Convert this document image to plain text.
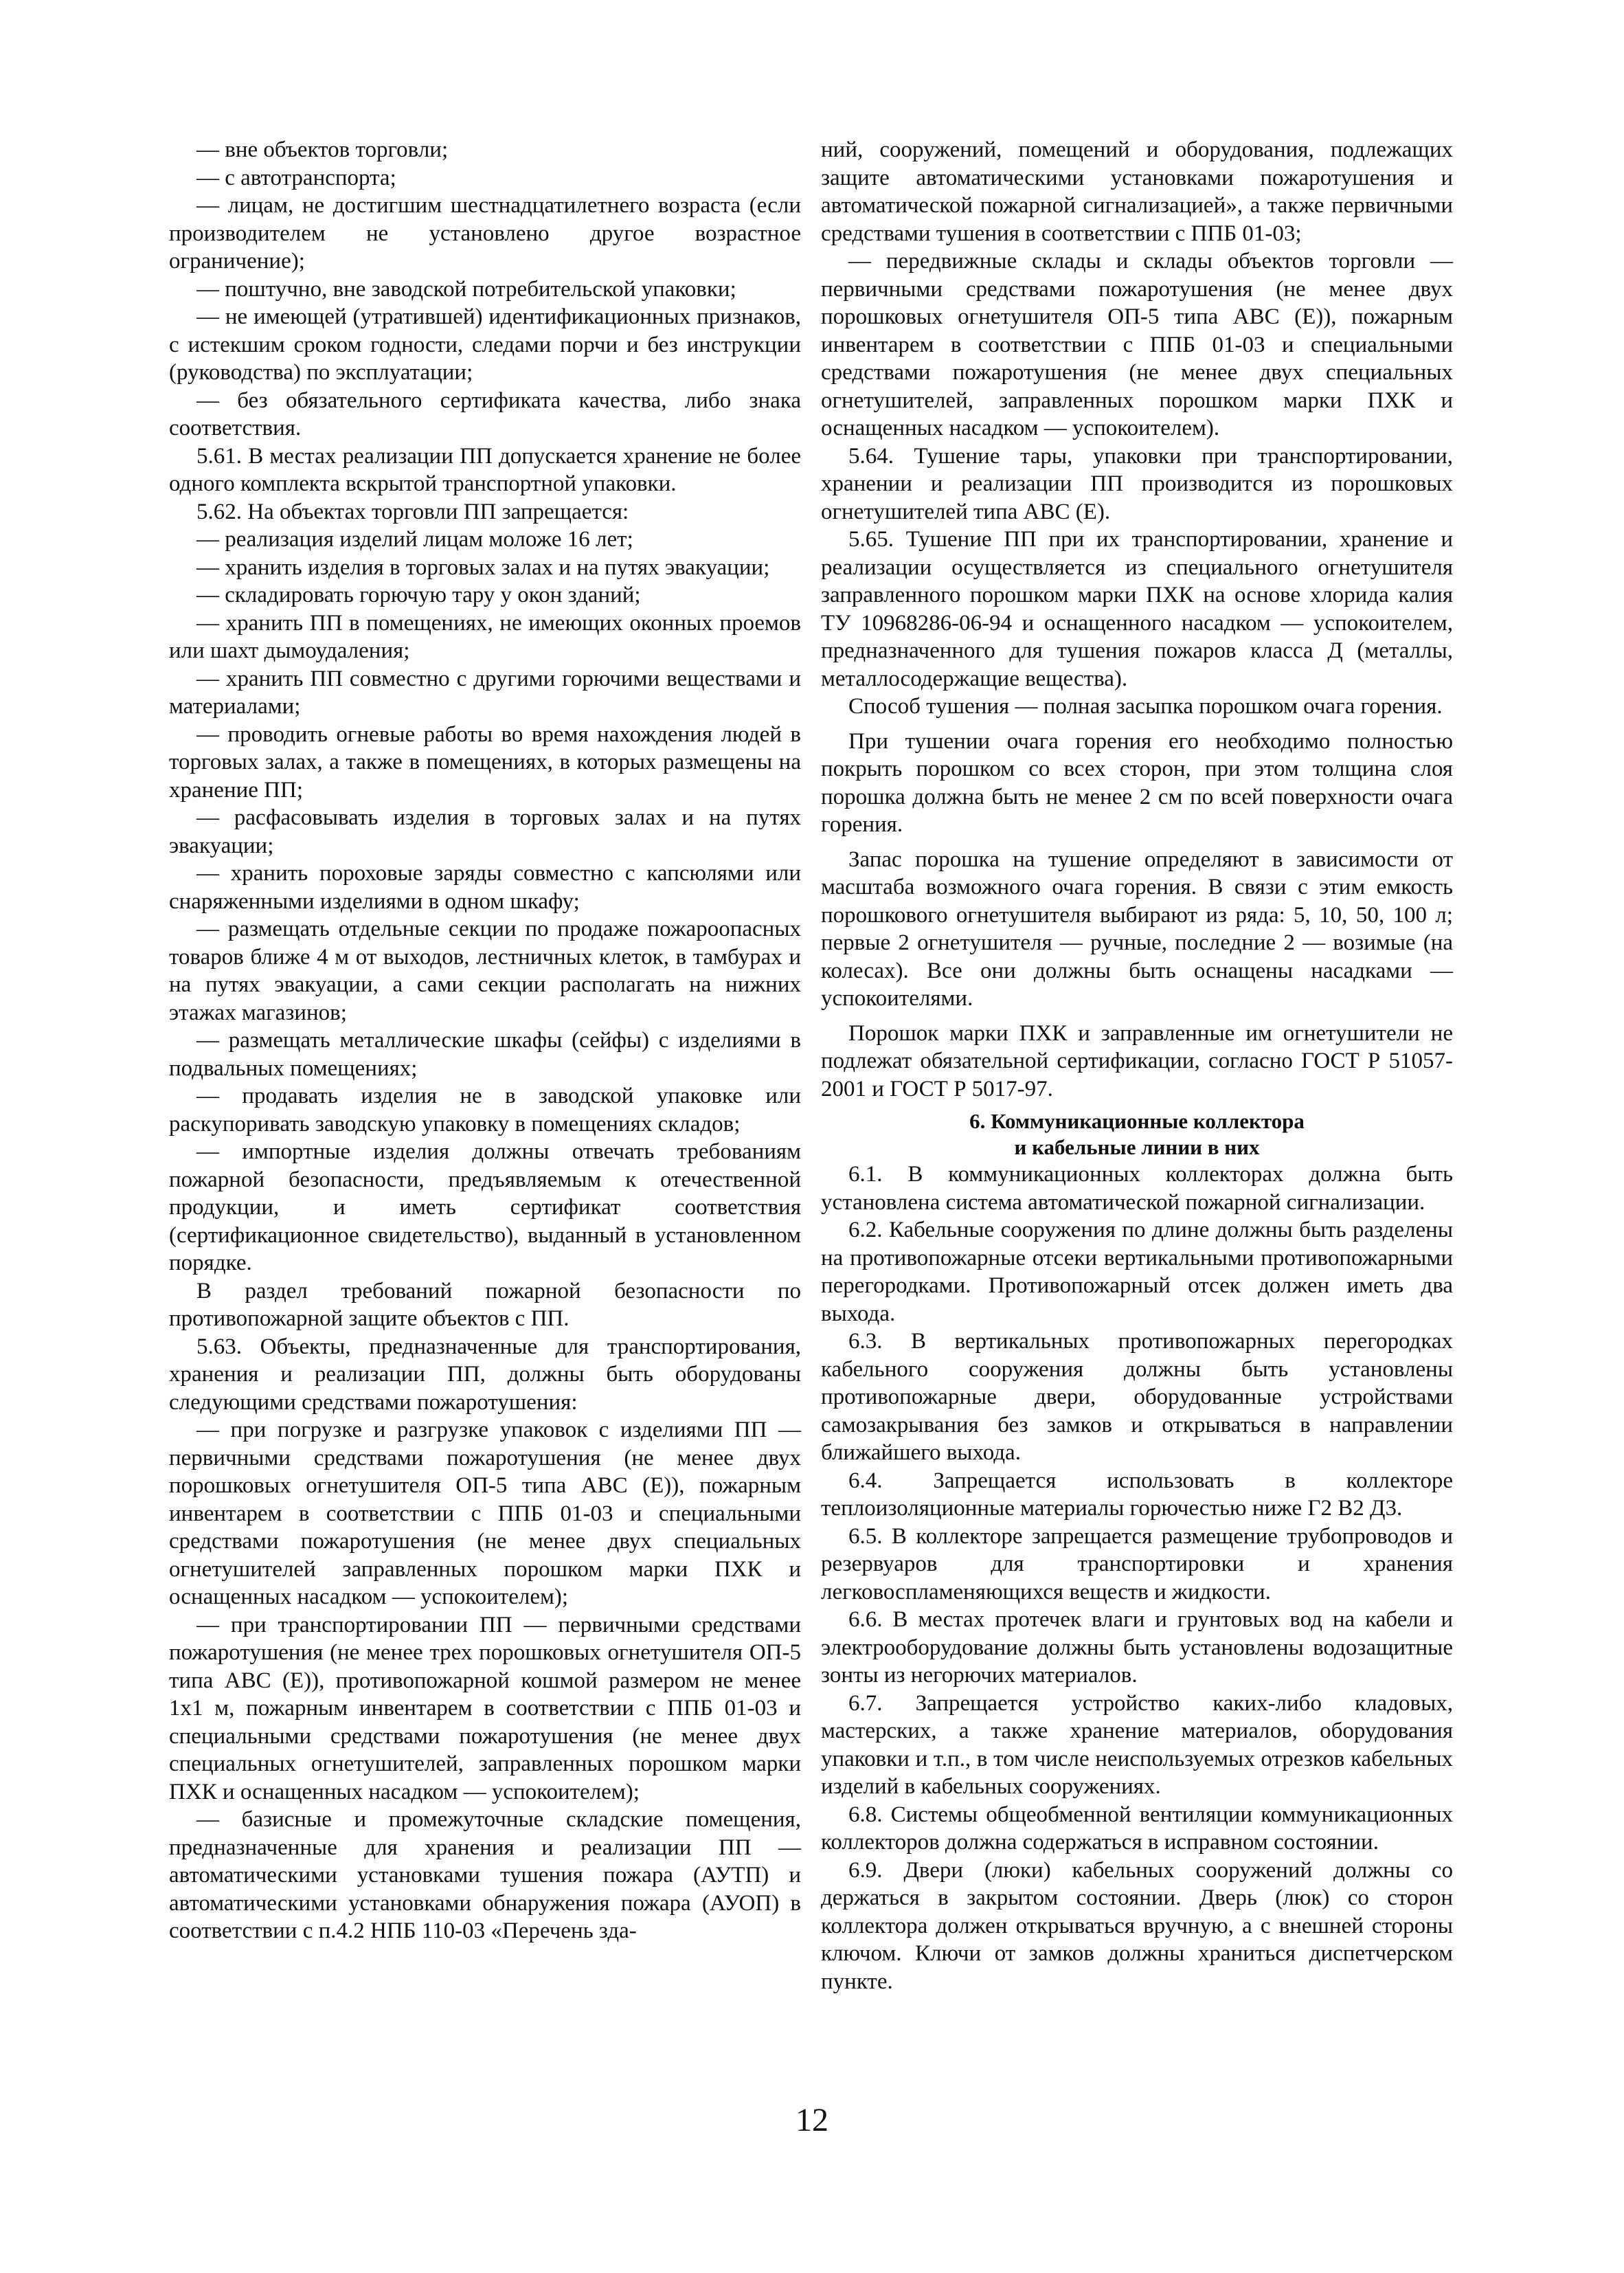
— вне объектов торговли;

— с автотранспорта;

— лицам, не достигшим шестнадцатилетнего возраста (если производителем не установлено другое возрастное ограничение);

— поштучно, вне заводской потребительской упаковки;

— не имеющей (утратившей) идентификационных признаков, с истекшим сроком годности, следами порчи и без инструкции (руководства) по эксплуатации;

— без обязательного сертификата качества, либо знака соответствия.

5.61. В местах реализации ПП допускается хранение не более одного комплекта вскрытой транспортной упаковки.

5.62. На объектах торговли ПП запрещается:

— реализация изделий лицам моложе 16 лет;

— хранить изделия в торговых залах и на путях эвакуации;

— складировать горючую тару у окон зданий;

— хранить ПП в помещениях, не имеющих оконных проемов или шахт дымоудаления;

— хранить ПП совместно с другими горючими веществами и материалами;

— проводить огневые работы во время нахождения людей в торговых залах, а также в помещениях, в которых размещены на хранение ПП;

— расфасовывать изделия в торговых залах и на путях эвакуации;

— хранить пороховые заряды совместно с капсюлями или снаряженными изделиями в одном шкафу;

— размещать отдельные секции по продаже пожароопасных товаров ближе 4 м от выходов, лестничных клеток, в тамбурах и на путях эвакуации, а сами секции располагать на нижних этажах магазинов;

— размещать металлические шкафы (сейфы) с изделиями в подвальных помещениях;

— продавать изделия не в заводской упаковке или раскупоривать заводскую упаковку в помещениях складов;

— импортные изделия должны отвечать требованиям пожарной безопасности, предъявляемым к отечественной продукции, и иметь сертификат соответствия (сертификационное свидетельство), выданный в установленном порядке.

В раздел требований пожарной безопасности по противопожарной защите объектов с ПП.

5.63. Объекты, предназначенные для транспортирования, хранения и реализации ПП, должны быть оборудованы следующими средствами пожаротушения:

— при погрузке и разгрузке упаковок с изделиями ПП — первичными средствами пожаротушения (не менее двух порошковых огнетушителя ОП-5 типа АВС (Е)), пожарным инвентарем в соответствии с ППБ 01-03 и специальными средствами пожаротушения (не менее двух специальных огнетушителей заправленных порошком марки ПХК и оснащенных насадком — успокоителем);

— при транспортировании ПП — первичными средствами пожаротушения (не менее трех порошковых огнетушителя ОП-5 типа АВС (Е)), противопожарной кошмой размером не менее 1х1 м, пожарным инвентарем в соответствии с ППБ 01-03 и специальными средствами пожаротушения (не менее двух специальных огнетушителей, заправленных порошком марки ПХК и оснащенных насадком — успокоителем);

— базисные и промежуточные складские помещения, предназначенные для хранения и реализации ПП — автоматическими установками тушения пожара (АУТП) и автоматическими установками обнаружения пожара (АУОП) в соответствии с п.4.2 НПБ 110-03 «Перечень зда-

ний, сооружений, помещений и оборудования, подлежащих защите автоматическими установками пожаротушения и автоматической пожарной сигнализацией», а также первичными средствами тушения в соответствии с ППБ 01-03;

— передвижные склады и склады объектов торговли — первичными средствами пожаротушения (не менее двух порошковых огнетушителя ОП-5 типа АВС (Е)), пожарным инвентарем в соответствии с ППБ 01-03 и специальными средствами пожаротушения (не менее двух специальных огнетушителей, заправленных порошком марки ПХК и оснащенных насадком — успокоителем).

5.64. Тушение тары, упаковки при транспортировании, хранении и реализации ПП производится из порошковых огнетушителей типа АВС (Е).

5.65. Тушение ПП при их транспортировании, хранение и реализации осуществляется из специального огнетушителя заправленного порошком марки ПХК на основе хлорида калия ТУ 10968286-06-94 и оснащенного насадком — успокоителем, предназначенного для тушения пожаров класса Д (металлы, металлосодержащие вещества).

Способ тушения — полная засыпка порошком очага горения.

При тушении очага горения его необходимо полностью покрыть порошком со всех сторон, при этом толщина слоя порошка должна быть не менее 2 см по всей поверхности очага горения.

Запас порошка на тушение определяют в зависимости от масштаба возможного очага горения. В связи с этим емкость порошкового огнетушителя выбирают из ряда: 5, 10, 50, 100 л; первые 2 огнетушителя — ручные, последние 2 — возимые (на колесах). Все они должны быть оснащены насадками — успокоителями.

Порошок марки ПХК и заправленные им огнетушители не подлежат обязательной сертификации, согласно ГОСТ Р 51057-2001 и ГОСТ Р 5017-97.

6. Коммуникационные коллектора

и кабельные линии в них

6.1. В коммуникационных коллекторах должна быть установлена система автоматической пожарной сигнализации.

6.2. Кабельные сооружения по длине должны быть разделены на противопожарные отсеки вертикальными противопожарными перегородками. Противопожарный отсек должен иметь два выхода.

6.3. В вертикальных противопожарных перегородках кабельного сооружения должны быть установлены противопожарные двери, оборудованные устройствами самозакрывания без замков и открываться в направлении ближайшего выхода.

6.4. Запрещается использовать в коллекторе теплоизоляционные материалы горючестью ниже Г2 В2 Д3.

6.5. В коллекторе запрещается размещение трубопроводов и резервуаров для транспортировки и хранения легковоспламеняющихся веществ и жидкости.

6.6. В местах протечек влаги и грунтовых вод на кабели и электрооборудование должны быть установлены водозащитные зонты из негорючих материалов.

6.7. Запрещается устройство каких-либо кладовых, мастерских, а также хранение материалов, оборудования упаковки и т.п., в том числе неиспользуемых отрезков кабельных изделий в кабельных сооружениях.

6.8. Системы общеобменной вентиляции коммуникационных коллекторов должна содержаться в исправном состоянии.

6.9. Двери (люки) кабельных сооружений должны со держаться в закрытом состоянии. Дверь (люк) со сторон коллектора должен открываться вручную, а с внешней стороны ключом. Ключи от замков должны храниться диспетчерском пункте.

12
